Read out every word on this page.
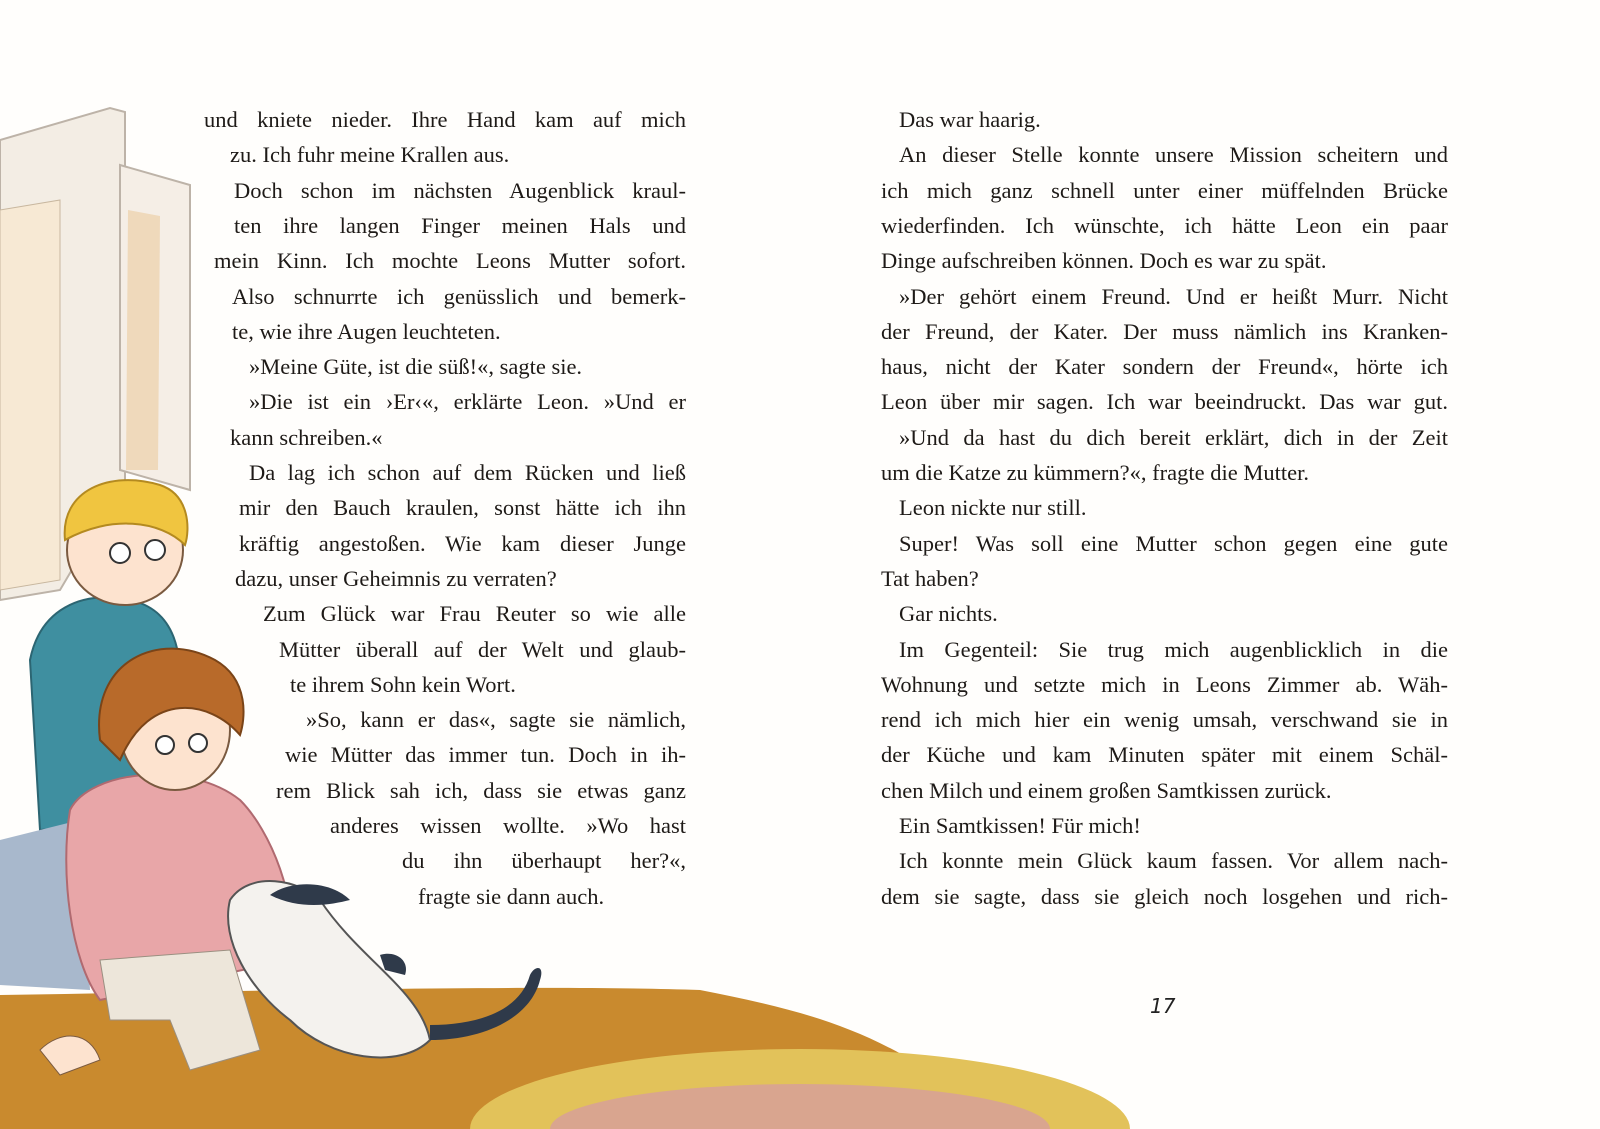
und kniete nieder. Ihre Hand kam auf mich
zu. Ich fuhr meine Krallen aus.
Doch schon im nächsten Augenblick kraul-
ten ihre langen Finger meinen Hals und
mein Kinn. Ich mochte Leons Mutter sofort.
Also schnurrte ich genüsslich und bemerk-
te, wie ihre Augen leuchteten.
»Meine Güte, ist die süß!«, sagte sie.
»Die ist ein ›Er‹«, erklärte Leon. »Und er
kann schreiben.«
Da lag ich schon auf dem Rücken und ließ
mir den Bauch kraulen, sonst hätte ich ihn
kräftig angestoßen. Wie kam dieser Junge
dazu, unser Geheimnis zu verraten?
Zum Glück war Frau Reuter so wie alle
Mütter überall auf der Welt und glaub-
te ihrem Sohn kein Wort.
»So, kann er das«, sagte sie nämlich,
wie Mütter das immer tun. Doch in ih-
rem Blick sah ich, dass sie etwas ganz
anderes wissen wollte. »Wo hast
du ihn überhaupt her?«,
fragte sie dann auch.
Das war haarig.
An dieser Stelle konnte unsere Mission scheitern und
ich mich ganz schnell unter einer müffelnden Brücke
wiederfinden. Ich wünschte, ich hätte Leon ein paar
Dinge aufschreiben können. Doch es war zu spät.
»Der gehört einem Freund. Und er heißt Murr. Nicht
der Freund, der Kater. Der muss nämlich ins Kranken-
haus, nicht der Kater sondern der Freund«, hörte ich
Leon über mir sagen. Ich war beeindruckt. Das war gut.
»Und da hast du dich bereit erklärt, dich in der Zeit
um die Katze zu kümmern?«, fragte die Mutter.
Leon nickte nur still.
Super! Was soll eine Mutter schon gegen eine gute
Tat haben?
Gar nichts.
Im Gegenteil: Sie trug mich augenblicklich in die
Wohnung und setzte mich in Leons Zimmer ab. Wäh-
rend ich mich hier ein wenig umsah, verschwand sie in
der Küche und kam Minuten später mit einem Schäl-
chen Milch und einem großen Samtkissen zurück.
Ein Samtkissen! Für mich!
Ich konnte mein Glück kaum fassen. Vor allem nach-
dem sie sagte, dass sie gleich noch losgehen und rich-
17
